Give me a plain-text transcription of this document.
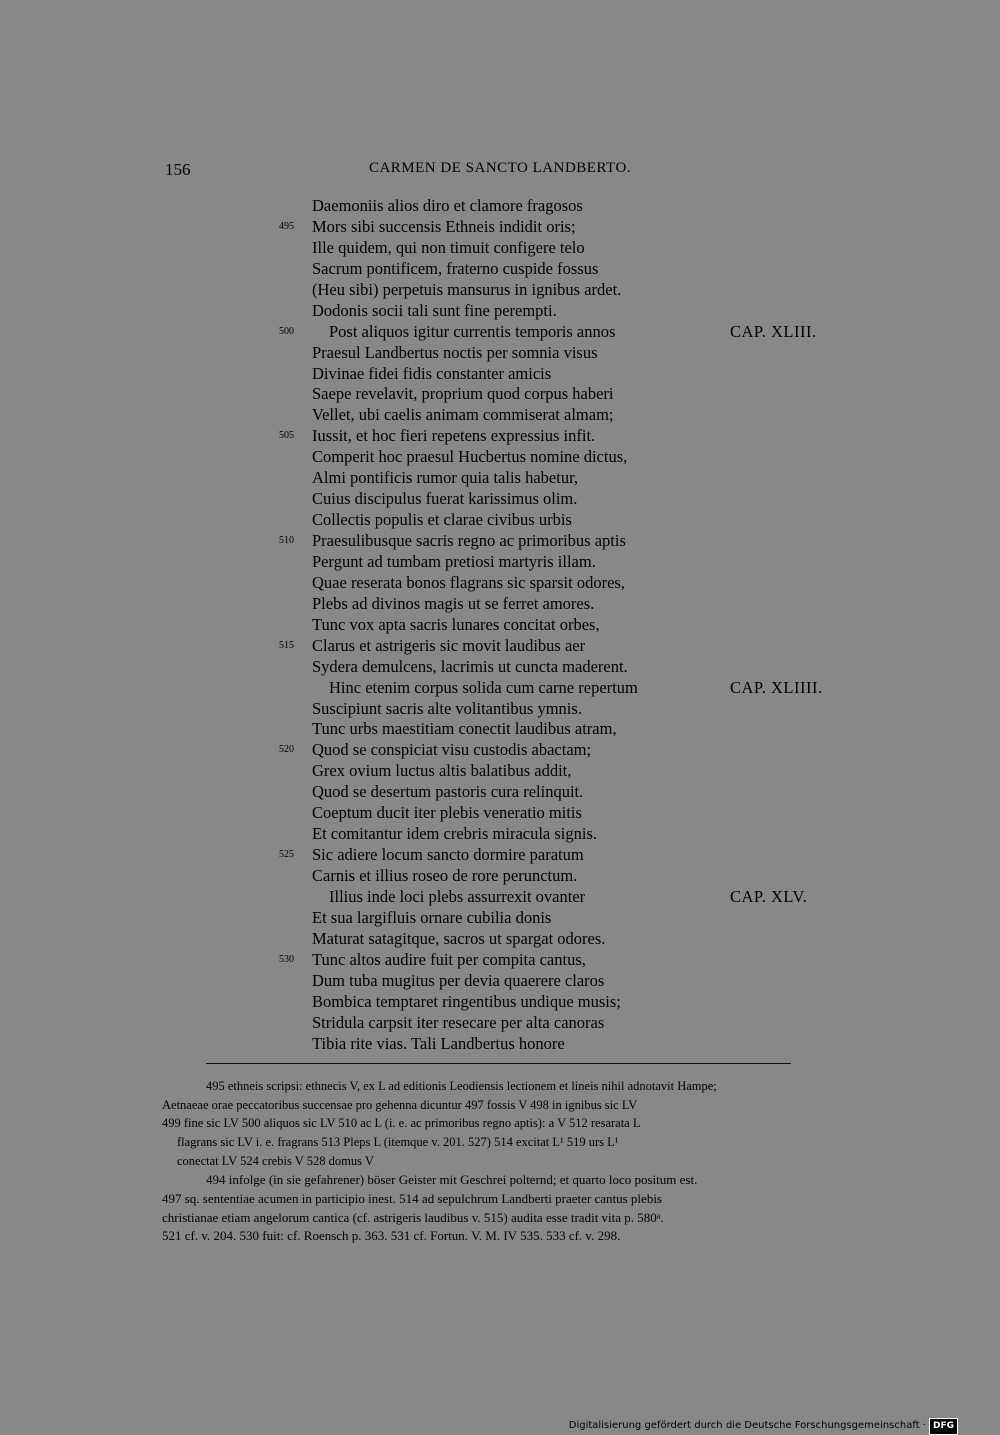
156	CARMEN DE SANCTO LANDBERTO.
Daemoniis alios diro et clamore fragosos
495	Mors sibi succensis Ethneis indidit oris;
Ille quidem, qui non timuit configere telo
Sacrum pontificem, fraterno cuspide fossus
(Heu sibi) perpetuis mansurus in ignibus ardet.
Dodonis socii tali sunt fine perempti.
500	Post aliquos igitur currentis temporis annos	CAP. XLIII.
Praesul Landbertus noctis per somnia visus
Divinae fidei fidis constanter amicis
Saepe revelavit, proprium quod corpus haberi
Vellet, ubi caelis animam commiserat almam;
505	Iussit, et hoc fieri repetens expressius infit.
Comperit hoc praesul Hucbertus nomine dictus,
Almi pontificis rumor quia talis habetur,
Cuius discipulus fuerat karissimus olim.
Collectis populis et clarae civibus urbis
510	Praesulibusque sacris regno ac primoribus aptis
Pergunt ad tumbam pretiosi martyris illam.
Quae reserata bonos flagrans sic sparsit odores,
Plebs ad divinos magis ut se ferret amores.
Tunc vox apta sacris lunares concitat orbes,
515	Clarus et astrigeris sic movit laudibus aer
Sydera demulcens, lacrimis ut cuncta maderent.
Hinc etenim corpus solida cum carne repertum	CAP. XLIIII.
Suscipiunt sacris alte volitantibus ymnis.
Tunc urbs maestitiam conectit laudibus atram,
520	Quod se conspiciat visu custodis abactam;
Grex ovium luctus altis balatibus addit,
Quod se desertum pastoris cura relinquit.
Coeptum ducit iter plebis veneratio mitis
Et comitantur idem crebris miracula signis.
525	Sic adiere locum sancto dormire paratum
Carnis et illius roseo de rore perunctum.
Illius inde loci plebs assurrexit ovanter	CAP. XLV.
Et sua largifluis ornare cubilia donis
Maturat satagitque, sacros ut spargat odores.
530	Tunc altos audire fuit per compita cantus,
Dum tuba mugitus per devia quaerere claros
Bombica temptaret ringentibus undique musis;
Stridula carpsit iter resecare per alta canoras
Tibia rite vias. Tali Landbertus honore
495 ethneis scripsi: ethnecis V, ex L ad editionis Leodiensis lectionem et lineis nihil adnotavit Hampe;
Aetnaeae orae peccatoribus succensae pro gehenna dicuntur 497 fossis V 498 in ignibus sic LV
499 fine sic LV 500 aliquos sic LV 510 ac L (i. e. ac primoribus regno aptis): a V 512 resarata L
flagrans sic LV i. e. fragrans 513 Pleps L (itemque v. 201. 527) 514 excitat L¹ 519 urs L¹
conectat LV 524 crebis V 528 domus V
494 infolge (in sie gefahrener) böser Geister mit Geschrei polternd; et quarto loco positum est.
497 sq. sententiae acumen in participio inest. 514 ad sepulchrum Landberti praeter cantus plebis
christianae etiam angelorum cantica (cf. astrigeris laudibus v. 515) audita esse tradit vita p. 580ᵃ.
521 cf. v. 204. 530 fuit: cf. Roensch p. 363. 531 cf. Fortun. V. M. IV 535. 533 cf. v. 298.
Digitalisierung gefördert durch die Deutsche Forschungsgemeinschaft · DFG
